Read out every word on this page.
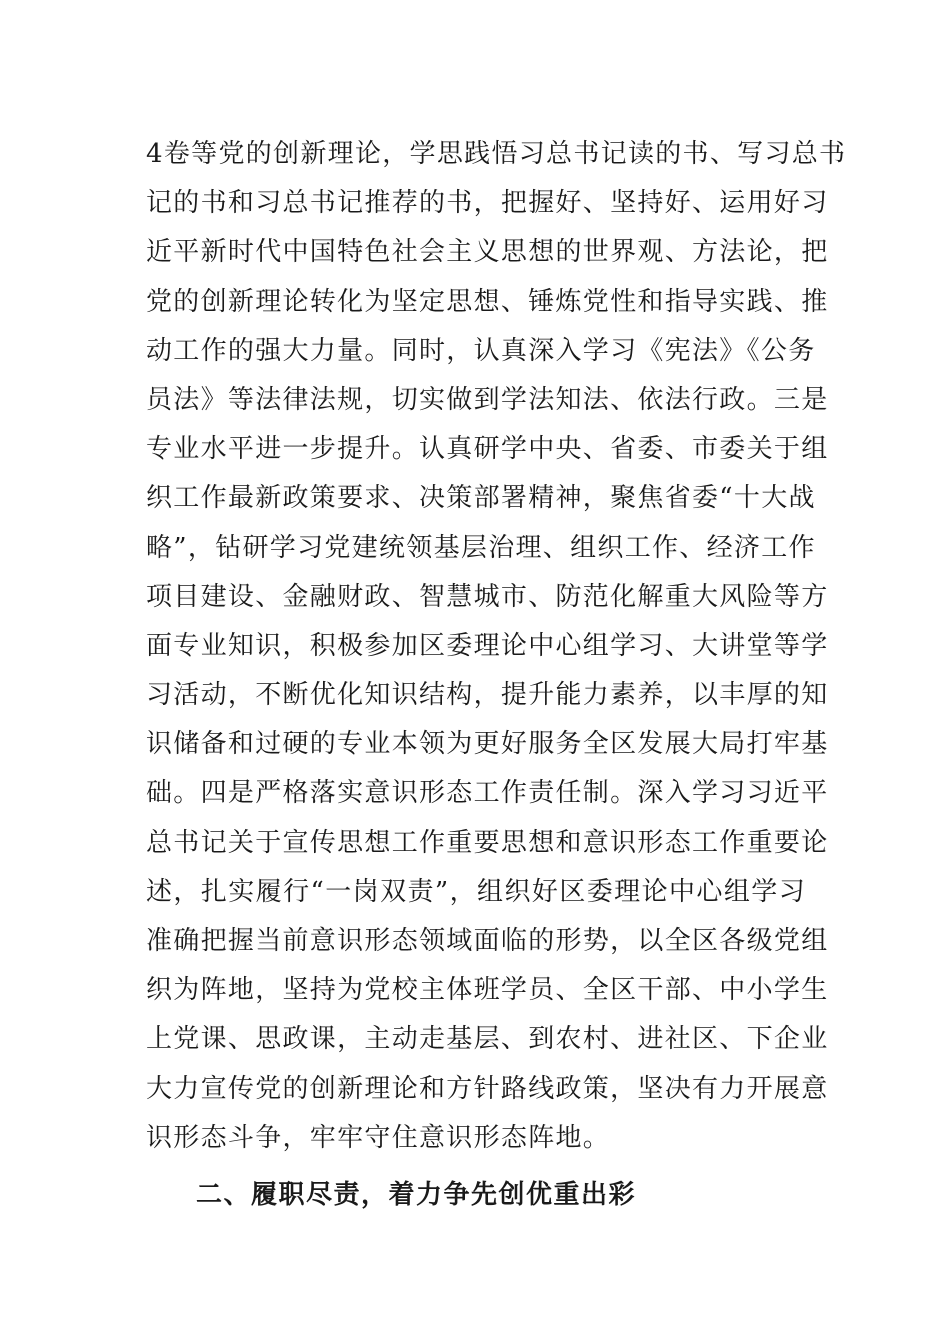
4卷等党的创新理论，学思践悟习总书记读的书、写习总书
记的书和习总书记推荐的书，把握好、坚持好、运用好习
近平新时代中国特色社会主义思想的世界观、方法论，把
党的创新理论转化为坚定思想、锤炼党性和指导实践、推
动工作的强大力量。同时，认真深入学习《宪法》《公务
员法》等法律法规，切实做到学法知法、依法行政。三是
专业水平进一步提升。认真研学中央、省委、市委关于组
织工作最新政策要求、决策部署精神，聚焦省委“十大战
略”，钻研学习党建统领基层治理、组织工作、经济工作
项目建设、金融财政、智慧城市、防范化解重大风险等方
面专业知识，积极参加区委理论中心组学习、大讲堂等学
习活动，不断优化知识结构，提升能力素养，以丰厚的知
识储备和过硬的专业本领为更好服务全区发展大局打牢基
础。四是严格落实意识形态工作责任制。深入学习习近平
总书记关于宣传思想工作重要思想和意识形态工作重要论
述，扎实履行“一岗双责”，组织好区委理论中心组学习
准确把握当前意识形态领域面临的形势，以全区各级党组
织为阵地，坚持为党校主体班学员、全区干部、中小学生
上党课、思政课，主动走基层、到农村、进社区、下企业
大力宣传党的创新理论和方针路线政策，坚决有力开展意
识形态斗争，牢牢守住意识形态阵地。
二、履职尽责，着力争先创优重出彩
